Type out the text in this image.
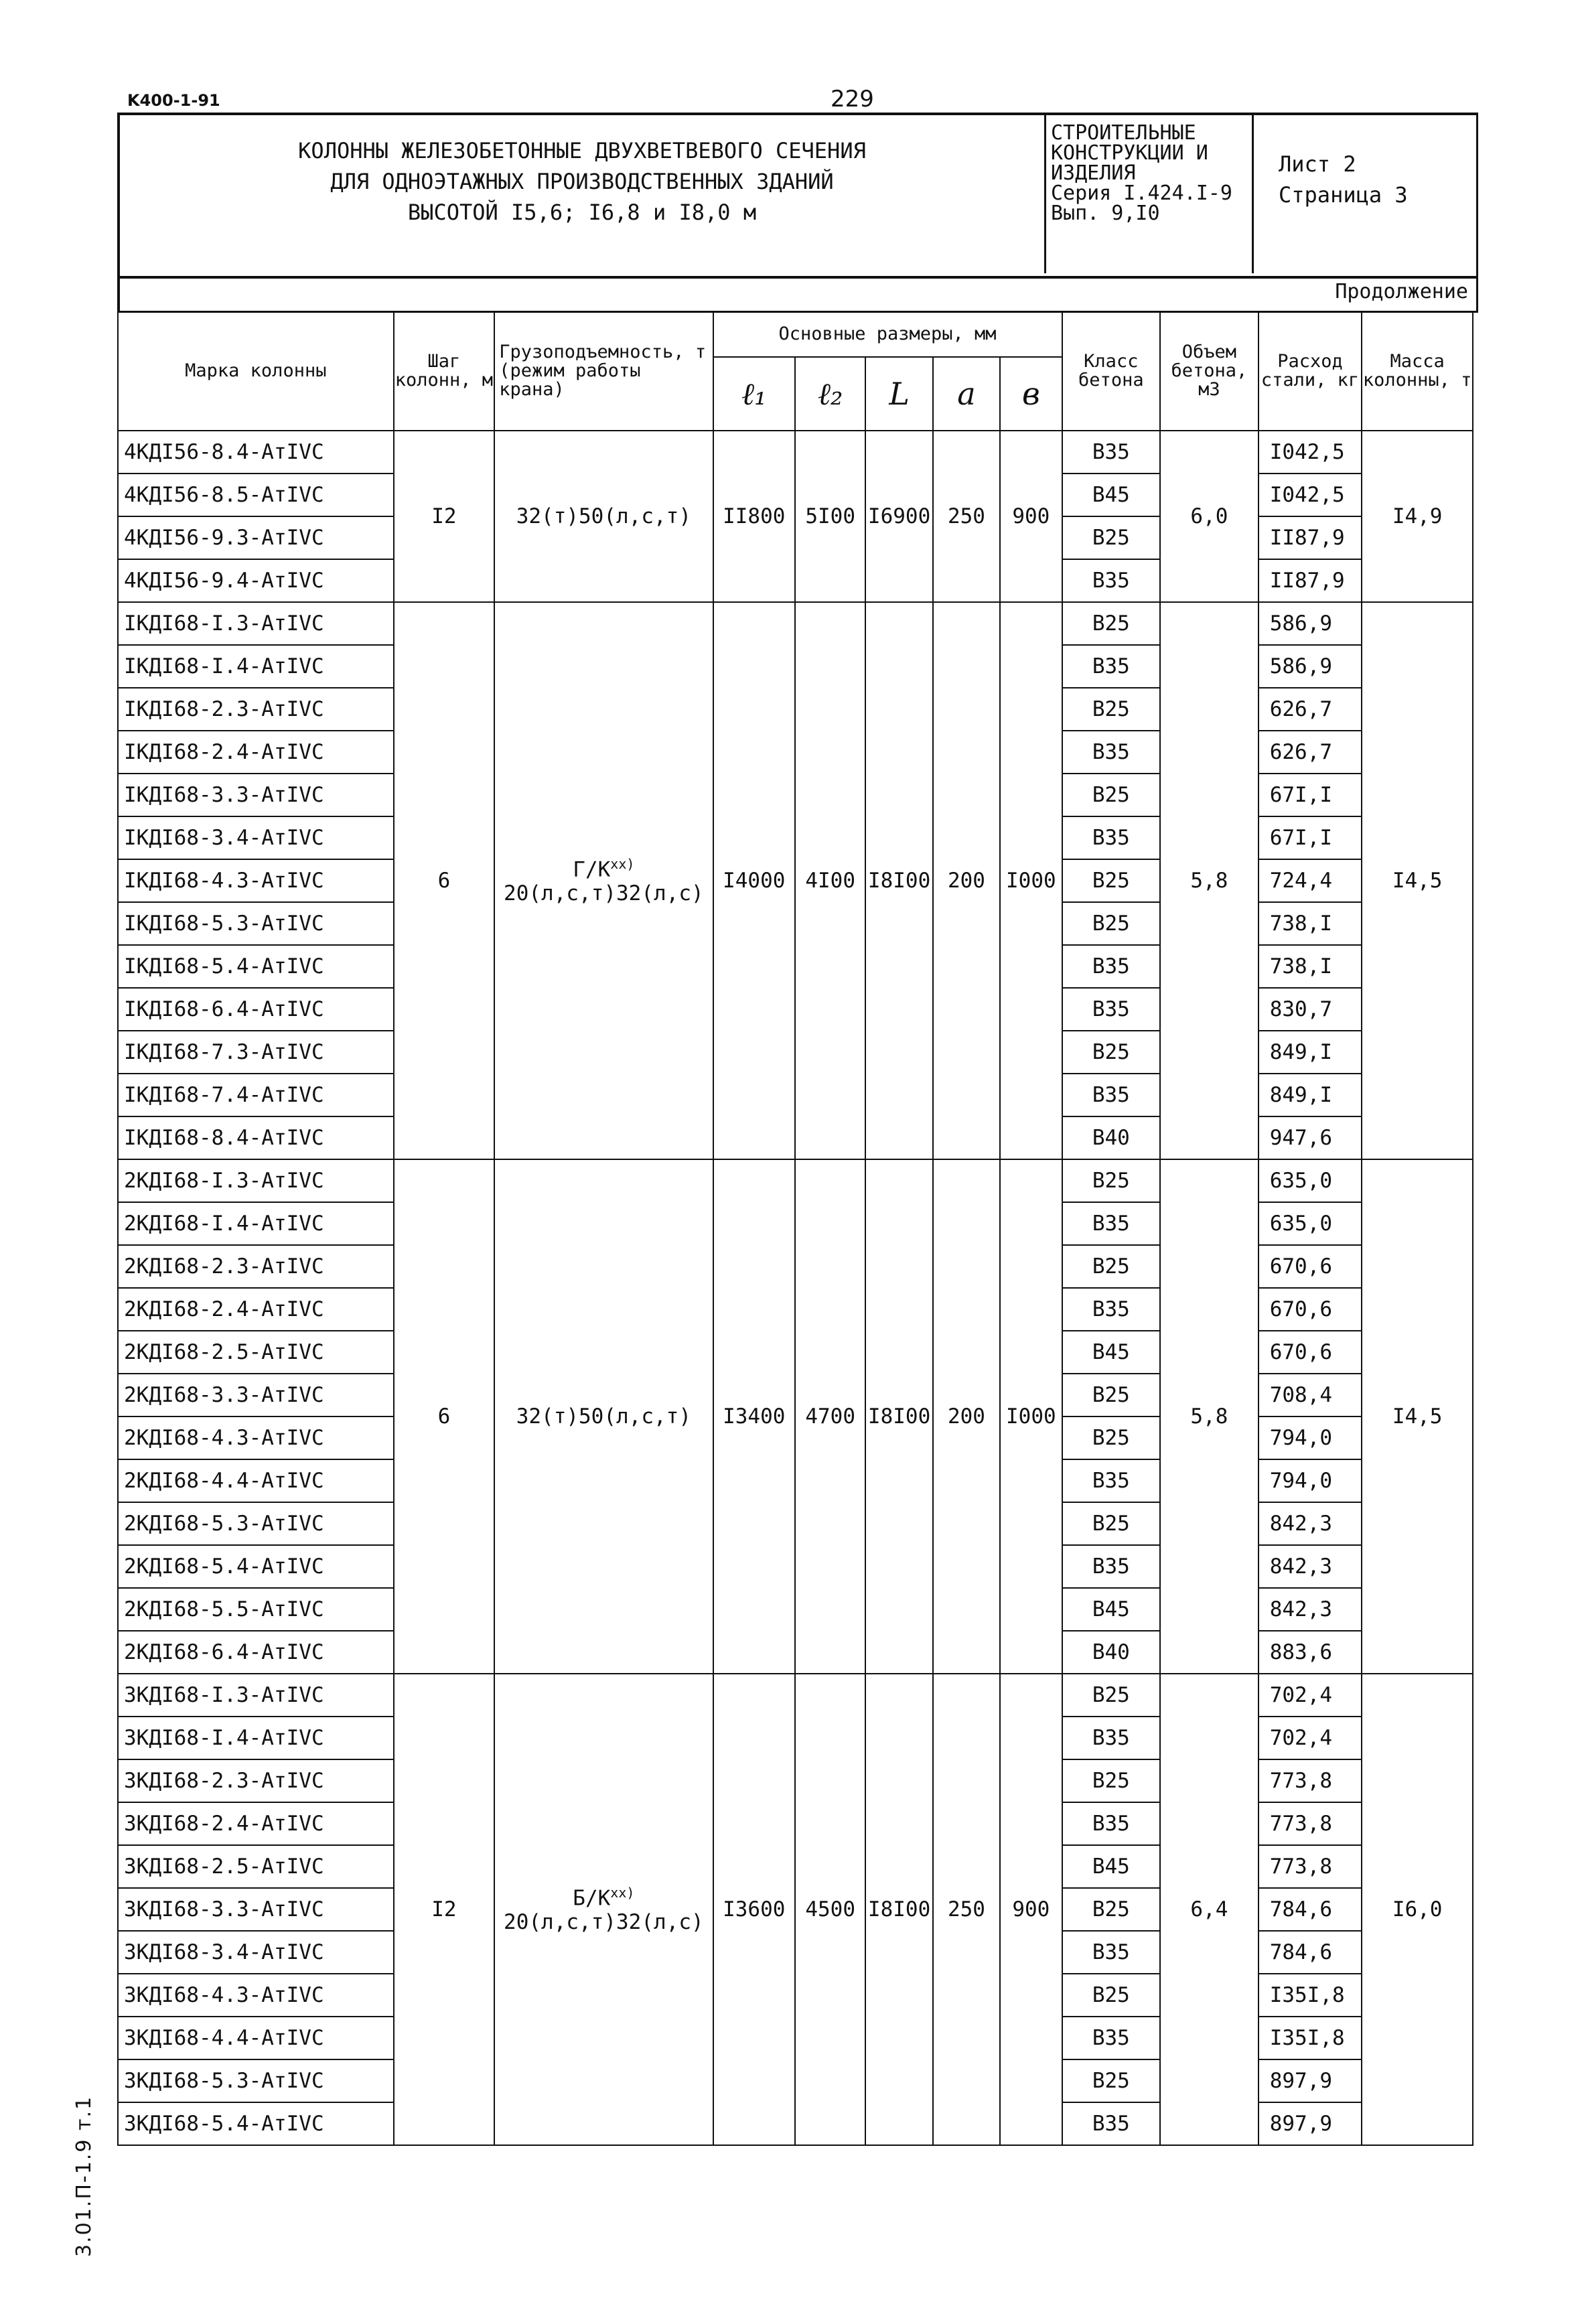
K400-1-91	229
3.01.П-1.9 т.1
КОЛОННЫ ЖЕЛЕЗОБЕТОННЫЕ ДВУХВЕТВЕВОГО СЕЧЕНИЯ
ДЛЯ ОДНОЭТАЖНЫХ ПРОИЗВОДСТВЕННЫХ ЗДАНИЙ
ВЫСОТОЙ I5,6; I6,8 и I8,0 м
СТРОИТЕЛЬНЫЕ
КОНСТРУКЦИИ И
ИЗДЕЛИЯ
Серия I.424.I-9
Вып. 9,I0
Лист 2
Страница 3
Продолжение
Марка колонны	Шаг колонн, м	Грузоподъемность, т (режим работы крана)	Основные размеры, мм					Класс бетона	Объем бетона, м3	Расход стали, кг	Масса колонны, т
			ℓ₁	ℓ₂	L	a	в				
4КДI56-8.4-АтIVС	I2	32(т)50(л,с,т)	II800	5I00	I6900	250	900	В35	6,0	I042,5	I4,9
4КДI56-8.5-АтIVС								В45		I042,5	
4КДI56-9.3-АтIVС								В25		II87,9	
4КДI56-9.4-АтIVС								В35		II87,9	
IКДI68-I.3-АтIVС	6	$Г/К^{xx)}$
20(л,с,т)32(л,с)	I4000	4I00	I8I00	200	I000	В25	5,8	586,9	I4,5
IКДI68-I.4-АтIVС								В35		586,9	
IКДI68-2.3-АтIVС								В25		626,7	
IКДI68-2.4-АтIVС								В35		626,7	
IКДI68-3.3-АтIVС								В25		67I,I	
IКДI68-3.4-АтIVС								В35		67I,I	
IКДI68-4.3-АтIVС								В25		724,4	
IКДI68-5.3-АтIVС								В25		738,I	
IКДI68-5.4-АтIVС								В35		738,I	
IКДI68-6.4-АтIVС								В35		830,7	
IКДI68-7.3-АтIVС								В25		849,I	
IКДI68-7.4-АтIVС								В35		849,I	
IКДI68-8.4-АтIVС								В40		947,6	
2КДI68-I.3-АтIVС	6	32(т)50(л,с,т)	I3400	4700	I8I00	200	I000	В25	5,8	635,0	I4,5
2КДI68-I.4-АтIVС								В35		635,0	
2КДI68-2.3-АтIVС								В25		670,6	
2КДI68-2.4-АтIVС								В35		670,6	
2КДI68-2.5-АтIVС								В45		670,6	
2КДI68-3.3-АтIVС								В25		708,4	
2КДI68-4.3-АтIVС								В25		794,0	
2КДI68-4.4-АтIVС								В35		794,0	
2КДI68-5.3-АтIVС								В25		842,3	
2КДI68-5.4-АтIVС								В35		842,3	
2КДI68-5.5-АтIVС								В45		842,3	
2КДI68-6.4-АтIVС								В40		883,6	
3КДI68-I.3-АтIVС	I2	$Б/К^{xx)}$
20(л,с,т)32(л,с)	I3600	4500	I8I00	250	900	В25	6,4	702,4	I6,0
3КДI68-I.4-АтIVС								В35		702,4	
3КДI68-2.3-АтIVС								В25		773,8	
3КДI68-2.4-АтIVС								В35		773,8	
3КДI68-2.5-АтIVС								В45		773,8	
3КДI68-3.3-АтIVС								В25		784,6	
3КДI68-3.4-АтIVС								В35		784,6	
3КДI68-4.3-АтIVС								В25		I35I,8	
3КДI68-4.4-АтIVС								В35		I35I,8	
3КДI68-5.3-АтIVС								В25		897,9	
3КДI68-5.4-АтIVС								В35		897,9	
